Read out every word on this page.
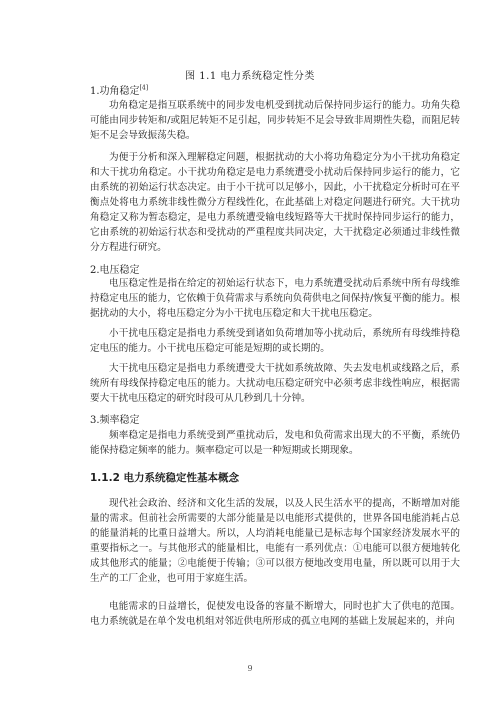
图 1.1 电力系统稳定性分类
1.功角稳定[4]

功角稳定是指互联系统中的同步发电机受到扰动后保持同步运行的能力。功角失稳可能由同步转矩和/或阻尼转矩不足引起，同步转矩不足会导致非周期性失稳，而阻尼转矩不足会导致振荡失稳。

为便于分析和深入理解稳定问题，根据扰动的大小将功角稳定分为小干扰功角稳定和大干扰功角稳定。小干扰功角稳定是电力系统遭受小扰动后保持同步运行的能力，它由系统的初始运行状态决定。由于小干扰可以足够小，因此，小干扰稳定分析时可在平衡点处将电力系统非线性微分方程线性化，在此基础上对稳定问题进行研究。大干扰功角稳定又称为暂态稳定，是电力系统遭受输电线短路等大干扰时保持同步运行的能力，它由系统的初始运行状态和受扰动的严重程度共同决定，大干扰稳定必须通过非线性微分方程进行研究。

2.电压稳定

电压稳定性是指在给定的初始运行状态下，电力系统遭受扰动后系统中所有母线维持稳定电压的能力，它依赖于负荷需求与系统向负荷供电之间保持/恢复平衡的能力。根据扰动的大小，将电压稳定分为小干扰电压稳定和大干扰电压稳定。

小干扰电压稳定是指电力系统受到诸如负荷增加等小扰动后，系统所有母线维持稳定电压的能力。小干扰电压稳定可能是短期的或长期的。

大干扰电压稳定是指电力系统遭受大干扰如系统故障、失去发电机或线路之后，系统所有母线保持稳定电压的能力。大扰动电压稳定研究中必须考虑非线性响应，根据需要大干扰电压稳定的研究时段可从几秒到几十分钟。

3.频率稳定

频率稳定是指电力系统受到严重扰动后，发电和负荷需求出现大的不平衡，系统仍能保持稳定频率的能力。频率稳定可以是一种短期或长期现象。

1.1.2 电力系统稳定性基本概念

现代社会政治、经济和文化生活的发展，以及人民生活水平的提高，不断增加对能量的需求。但前社会所需要的大部分能量是以电能形式提供的，世界各国电能消耗占总的能量消耗的比重日益增大。所以，人均消耗电能量已是标志每个国家经济发展水平的重要指标之一。与其他形式的能量相比，电能有一系列优点：①电能可以很方便地转化成其他形式的能量；②电能便于传输；③可以很方便地改变用电量，所以既可以用于大生产的工厂企业，也可用于家庭生活。

电能需求的日益增长，促使发电设备的容量不断增大，同时也扩大了供电的范围。电力系统就是在单个发电机组对邻近供电所形成的孤立电网的基础上发展起来的，并向

9
